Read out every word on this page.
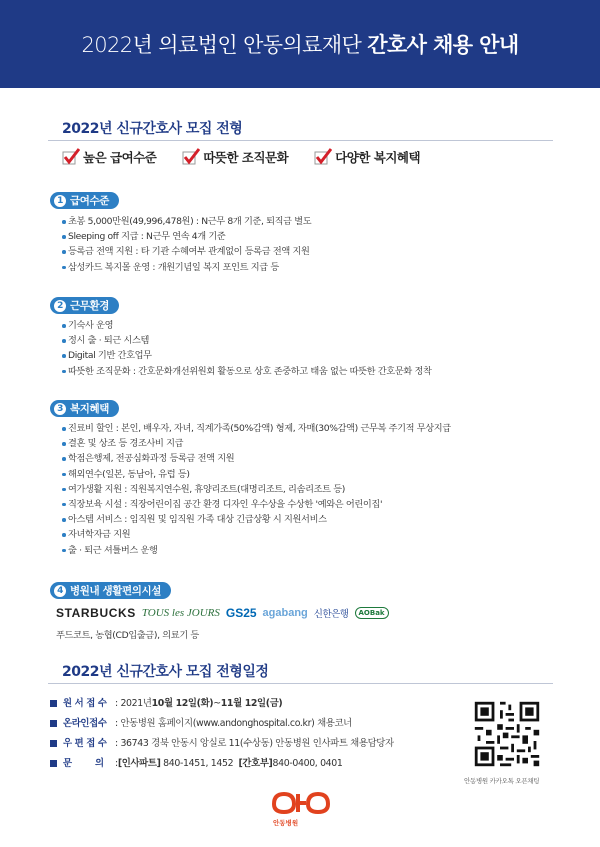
2022년 의료법인 안동의료재단 간호사 채용 안내
2022년 신규간호사 모집 전형
높은 급여수준	따뜻한 조직문화	다양한 복지혜택
1 급여수준
초봉 5,000만원(49,996,478원) : N근무 8개 기준, 퇴직금 별도
Sleeping off 지급 : N근무 연속 4개 기준
등록금 전액 지원 : 타 기관 수혜여부 관계없이 등록금 전액 지원
삼성카드 복지몰 운영 : 개원기념일 복지 포인트 지급 등
2 근무환경
기숙사 운영
정시 출 · 퇴근 시스템
Digital 기반 간호업무
따뜻한 조직문화 : 간호문화개선위원회 활동으로 상호 존중하고 태움 없는 따뜻한 간호문화 정착
3 복지혜택
진료비 할인 : 본인, 배우자, 자녀, 직계가족(50%감액) 형제, 자매(30%감액) 근무복 주기적 무상지급
결혼 및 상조 등 경조사비 지급
학점은행제, 전공심화과정 등록금 전액 지원
해외연수(일본, 동남아, 유럽 등)
여가생활 지원 : 직원복지연수원, 휴양리조트(대명리조트, 리솜리조트 등)
직장보육 시설 : 직장어린이집 공간 환경 디자인 우수상을 수상한 '예와은 어린이집'
아스템 서비스 : 임직원 및 임직원 가족 대상 긴급상황 시 지원서비스
자녀학자금 지원
출 · 퇴근 셔틀버스 운행
4 병원내 생활편의시설
STARBUCKS TOUS les JOURS GS25 agabang 신한은행	AOBak
푸드코트, 농협(CD입출금), 의료기 등
2022년 신규간호사 모집 전형일정
원 서 접 수 : 2021년 10월 12일(화) ~ 11월 12일(금)
온라인접수 : 안동병원 홈페이지(www.andonghospital.co.kr) 채용코너
우 편 접 수 : 36743 경북 안동시 앙실로 11(수상동) 안동병원 인사파트 채용담당자
문        의	: [인사파트] 840-1451, 1452 [간호부] 840-0400, 0401
안동병원 카카오톡 오픈채팅
안동병원
